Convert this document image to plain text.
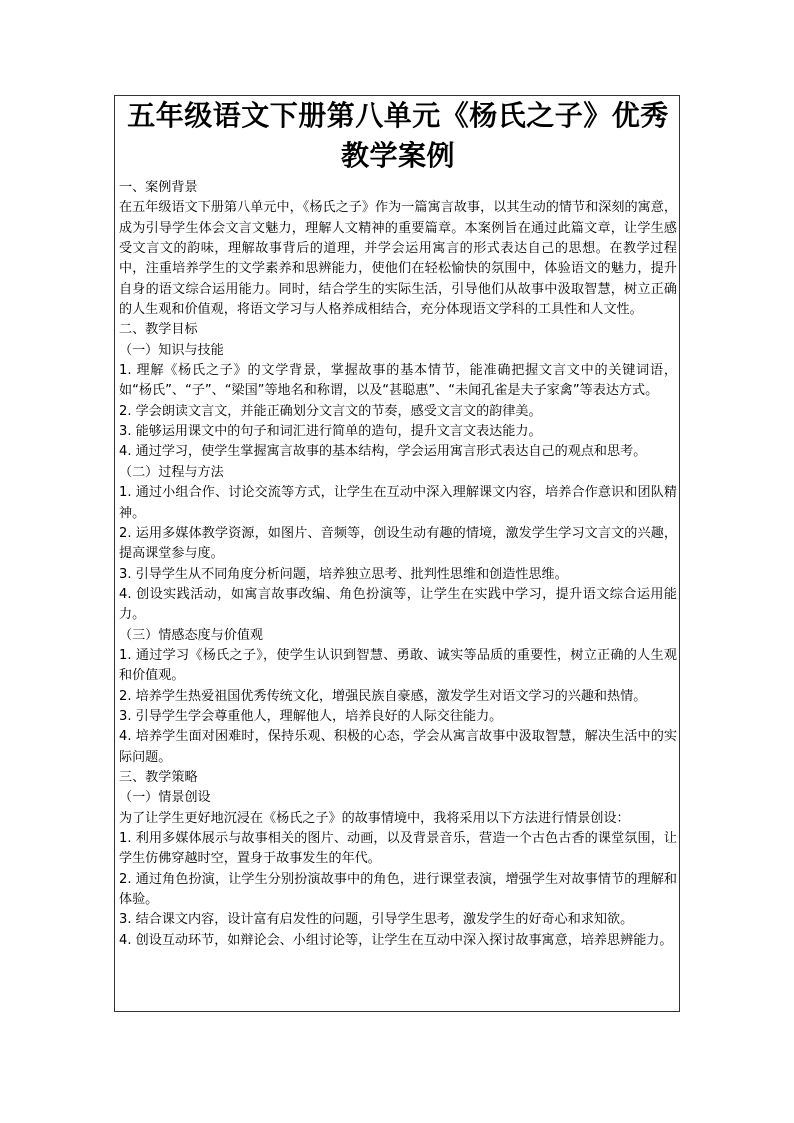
五年级语文下册第八单元《杨氏之子》优秀教学案例

一、案例背景

在五年级语文下册第八单元中，《杨氏之子》作为一篇寓言故事，以其生动的情节和深刻的寓意，成为引导学生体会文言文魅力，理解人文精神的重要篇章。本案例旨在通过此篇文章，让学生感受文言文的韵味，理解故事背后的道理，并学会运用寓言的形式表达自己的思想。在教学过程中，注重培养学生的文学素养和思辨能力，使他们在轻松愉快的氛围中，体验语文的魅力，提升自身的语文综合运用能力。同时，结合学生的实际生活，引导他们从故事中汲取智慧，树立正确的人生观和价值观，将语文学习与人格养成相结合，充分体现语文学科的工具性和人文性。

二、教学目标

（一）知识与技能

1. 理解《杨氏之子》的文学背景，掌握故事的基本情节，能准确把握文言文中的关键词语，如“杨氏”、“子”、“梁国”等地名和称谓，以及“甚聪惠”、“未闻孔雀是夫子家禽”等表达方式。

2. 学会朗读文言文，并能正确划分文言文的节奏，感受文言文的韵律美。

3. 能够运用课文中的句子和词汇进行简单的造句，提升文言文表达能力。

4. 通过学习，使学生掌握寓言故事的基本结构，学会运用寓言形式表达自己的观点和思考。

（二）过程与方法

1. 通过小组合作、讨论交流等方式，让学生在互动中深入理解课文内容，培养合作意识和团队精神。

2. 运用多媒体教学资源，如图片、音频等，创设生动有趣的情境，激发学生学习文言文的兴趣，提高课堂参与度。

3. 引导学生从不同角度分析问题，培养独立思考、批判性思维和创造性思维。

4. 创设实践活动，如寓言故事改编、角色扮演等，让学生在实践中学习，提升语文综合运用能力。

（三）情感态度与价值观

1. 通过学习《杨氏之子》，使学生认识到智慧、勇敢、诚实等品质的重要性，树立正确的人生观和价值观。

2. 培养学生热爱祖国优秀传统文化，增强民族自豪感，激发学生对语文学习的兴趣和热情。

3. 引导学生学会尊重他人，理解他人，培养良好的人际交往能力。

4. 培养学生面对困难时，保持乐观、积极的心态，学会从寓言故事中汲取智慧，解决生活中的实际问题。

三、教学策略

（一）情景创设

为了让学生更好地沉浸在《杨氏之子》的故事情境中，我将采用以下方法进行情景创设：

1. 利用多媒体展示与故事相关的图片、动画，以及背景音乐，营造一个古色古香的课堂氛围，让学生仿佛穿越时空，置身于故事发生的年代。

2. 通过角色扮演，让学生分别扮演故事中的角色，进行课堂表演，增强学生对故事情节的理解和体验。

3. 结合课文内容，设计富有启发性的问题，引导学生思考，激发学生的好奇心和求知欲。

4. 创设互动环节，如辩论会、小组讨论等，让学生在互动中深入探讨故事寓意，培养思辨能力。
